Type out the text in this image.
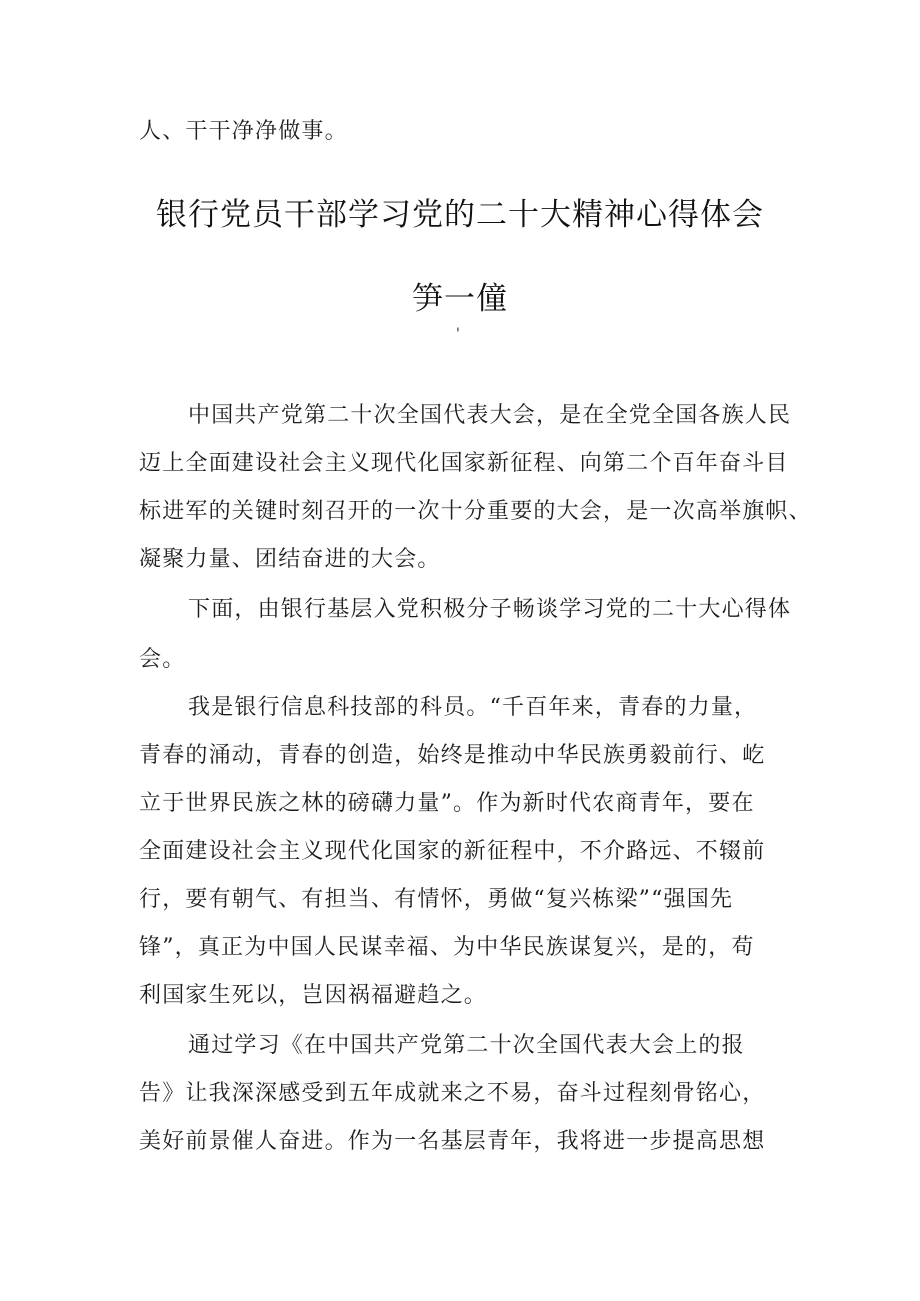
人、干干净净做事。
银行党员干部学习党的二十大精神心得体会
笋一僮
'
中国共产党第二十次全国代表大会，是在全党全国各族人民
迈上全面建设社会主义现代化国家新征程、向第二个百年奋斗目
标进军的关键时刻召开的一次十分重要的大会，是一次高举旗帜、
凝聚力量、团结奋进的大会。
下面，由银行基层入党积极分子畅谈学习党的二十大心得体
会。
我是银行信息科技部的科员。“千百年来，青春的力量，
青春的涌动，青春的创造，始终是推动中华民族勇毅前行、屹
立于世界民族之林的磅礴力量”。作为新时代农商青年，要在
全面建设社会主义现代化国家的新征程中，不介路远、不辍前
行，要有朝气、有担当、有情怀，勇做“复兴栋梁”“强国先
锋”，真正为中国人民谋幸福、为中华民族谋复兴，是的，苟
利国家生死以，岂因祸福避趋之。
通过学习《在中国共产党第二十次全国代表大会上的报
告》让我深深感受到五年成就来之不易，奋斗过程刻骨铭心，
美好前景催人奋进。作为一名基层青年，我将进一步提高思想
